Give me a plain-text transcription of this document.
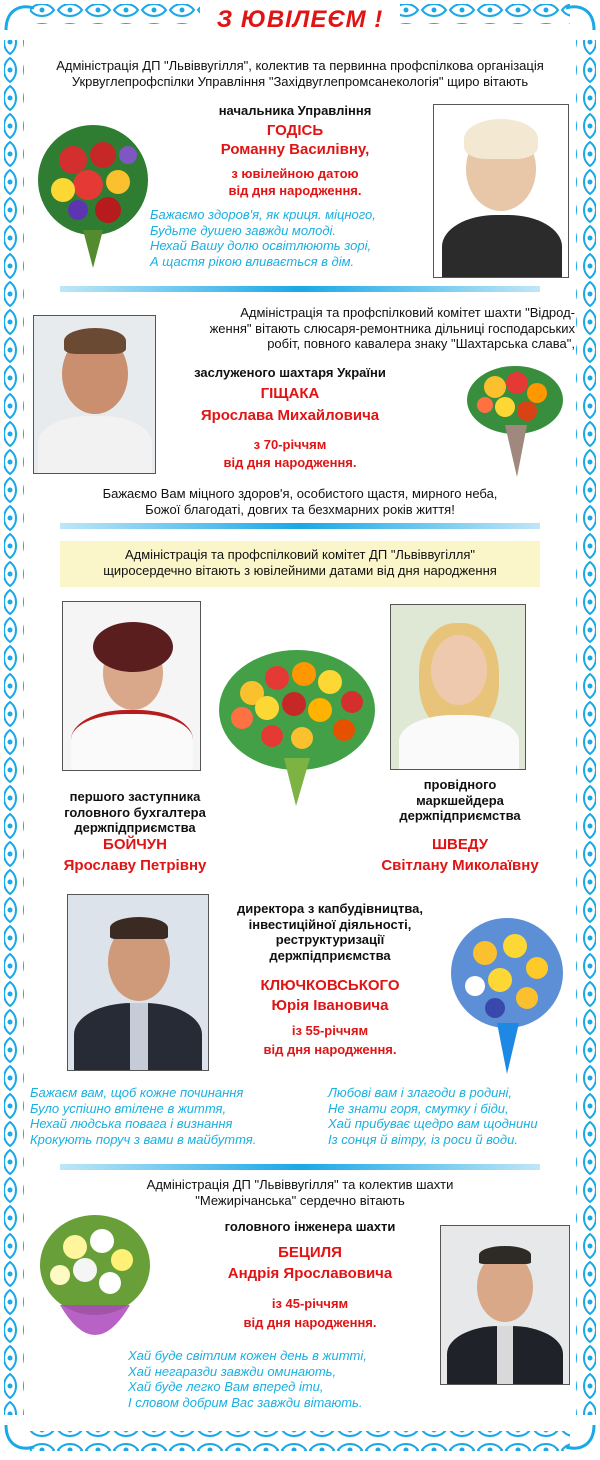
З ЮВІЛЕЄМ !
Адміністрація ДП "Львіввугілля", колектив та первинна профспілкова організація
Укрвуглепрофспілки Управління "Західвуглепромсанекологія" щиро вітають
начальника Управління
ГОДІСЬ
Романну Василівну,
з ювілейною датою
від дня народження.
Бажаємо здоров'я, як криця. міцного,
Будьте душею завжди молоді.
Нехай Вашу долю освітлюють зорі,
А щастя рікою вливається в дім.
Адміністрація та профспілковий комітет шахти "Відрод-
ження" вітають слюсаря-ремонтника дільниці господарських
робіт, повного кавалера знаку "Шахтарська слава",
заслуженого шахтаря України
ГІЩАКА
Ярослава Михайловича
з 70-річчям
від дня народження.
Бажаємо Вам міцного здоров'я, особистого щастя, мирного неба,
Божої благодаті, довгих та безхмарних років життя!
Адміністрація та профспілковий комітет ДП "Львіввугілля"
щиросердечно вітають з ювілейними датами від дня народження
першого заступника
головного бухгалтера
держпідприємства
БОЙЧУН
Ярославу Петрівну
провідного
маркшейдера
держпідприємства
ШВЕДУ
Світлану Миколаївну
директора з капбудівництва,
інвестиційної діяльності,
реструктуризації
держпідприємства
КЛЮЧКОВСЬКОГО
Юрія Івановича
із 55-річчям
від дня народження.
Бажаєм вам, щоб кожне починання
Було успішно втілене в життя,
Нехай людська повага і визнання
Крокують поруч з вами в майбуття.
Любові вам і злагоди в родині,
Не знати горя, смутку і біди,
Хай прибуває щедро вам щоднини
Із сонця й вітру, із роси й води.
Адміністрація ДП "Львіввугілля" та колектив шахти
"Межирічанська" сердечно вітають
головного інженера шахти
БЕЦИЛЯ
Андрія Ярославовича
із 45-річчям
від дня народження.
Хай буде світлим кожен день в житті,
Хай негаразди завжди оминають,
Хай буде легко Вам вперед іти,
І словом добрим Вас завжди вітають.
